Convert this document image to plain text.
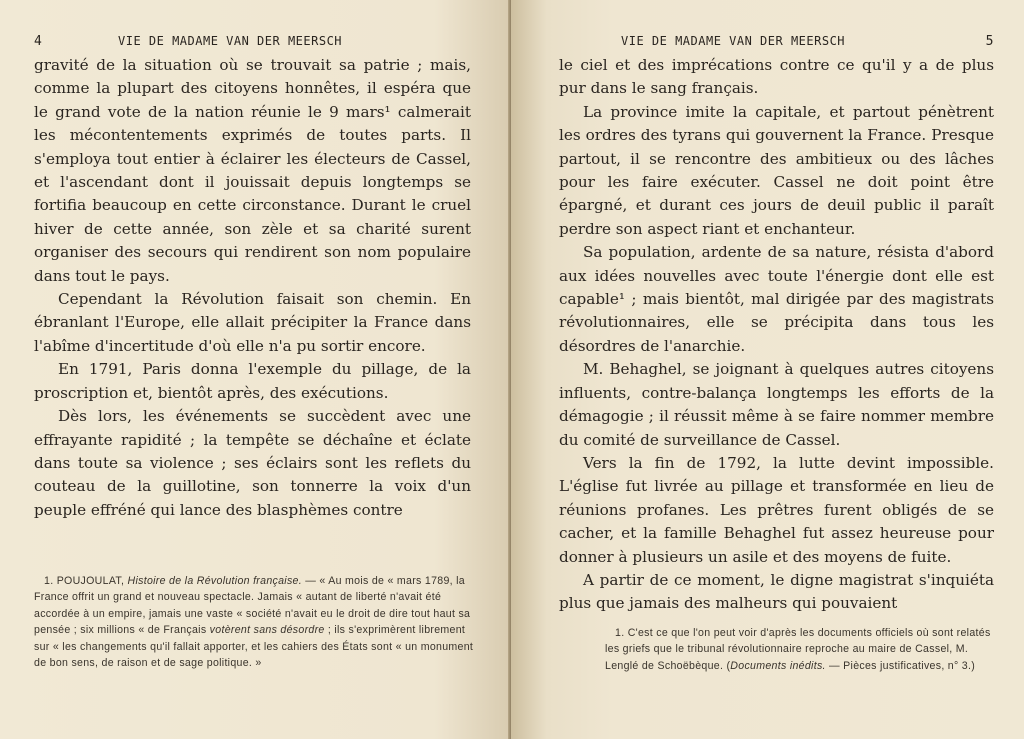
4	VIE DE MADAME VAN DER MEERSCH

gravité de la situation où se trouvait sa patrie ; mais, comme la plupart des citoyens honnêtes, il espéra que le grand vote de la nation réunie le 9 mars¹ calmerait les mécontentements exprimés de toutes parts. Il s'employa tout entier à éclairer les électeurs de Cassel, et l'ascendant dont il jouissait depuis longtemps se fortifia beaucoup en cette circonstance. Durant le cruel hiver de cette année, son zèle et sa charité surent organiser des secours qui rendirent son nom populaire dans tout le pays.

Cependant la Révolution faisait son chemin. En ébranlant l'Europe, elle allait précipiter la France dans l'abîme d'incertitude d'où elle n'a pu sortir encore.

En 1791, Paris donna l'exemple du pillage, de la proscription et, bientôt après, des exécutions.

Dès lors, les événements se succèdent avec une effrayante rapidité ; la tempête se déchaîne et éclate dans toute sa violence ; ses éclairs sont les reflets du couteau de la guillotine, son tonnerre la voix d'un peuple effréné qui lance des blasphèmes contre

1. POUJOULAT, Histoire de la Révolution française. — « Au mois de « mars 1789, la France offrit un grand et nouveau spectacle. Jamais « autant de liberté n'avait été accordée à un empire, jamais une vaste « société n'avait eu le droit de dire tout haut sa pensée ; six millions « de Français votèrent sans désordre ; ils s'exprimèrent librement sur « les changements qu'il fallait apporter, et les cahiers des États sont « un monument de bon sens, de raison et de sage politique. »

VIE DE MADAME VAN DER MEERSCH	5

le ciel et des imprécations contre ce qu'il y a de plus pur dans le sang français.

La province imite la capitale, et partout pénètrent les ordres des tyrans qui gouvernent la France. Presque partout, il se rencontre des ambitieux ou des lâches pour les faire exécuter. Cassel ne doit point être épargné, et durant ces jours de deuil public il paraît perdre son aspect riant et enchanteur.

Sa population, ardente de sa nature, résista d'abord aux idées nouvelles avec toute l'énergie dont elle est capable¹ ; mais bientôt, mal dirigée par des magistrats révolutionnaires, elle se précipita dans tous les désordres de l'anarchie.

M. Behaghel, se joignant à quelques autres citoyens influents, contre-balança longtemps les efforts de la démagogie ; il réussit même à se faire nommer membre du comité de surveillance de Cassel.

Vers la fin de 1792, la lutte devint impossible. L'église fut livrée au pillage et transformée en lieu de réunions profanes. Les prêtres furent obligés de se cacher, et la famille Behaghel fut assez heureuse pour donner à plusieurs un asile et des moyens de fuite.

A partir de ce moment, le digne magistrat s'inquiéta plus que jamais des malheurs qui pouvaient

1. C'est ce que l'on peut voir d'après les documents officiels où sont relatés les griefs que le tribunal révolutionnaire reproche au maire de Cassel, M. Lenglé de Schoëbèque. (Documents inédits. — Pièces justificatives, n° 3.)
